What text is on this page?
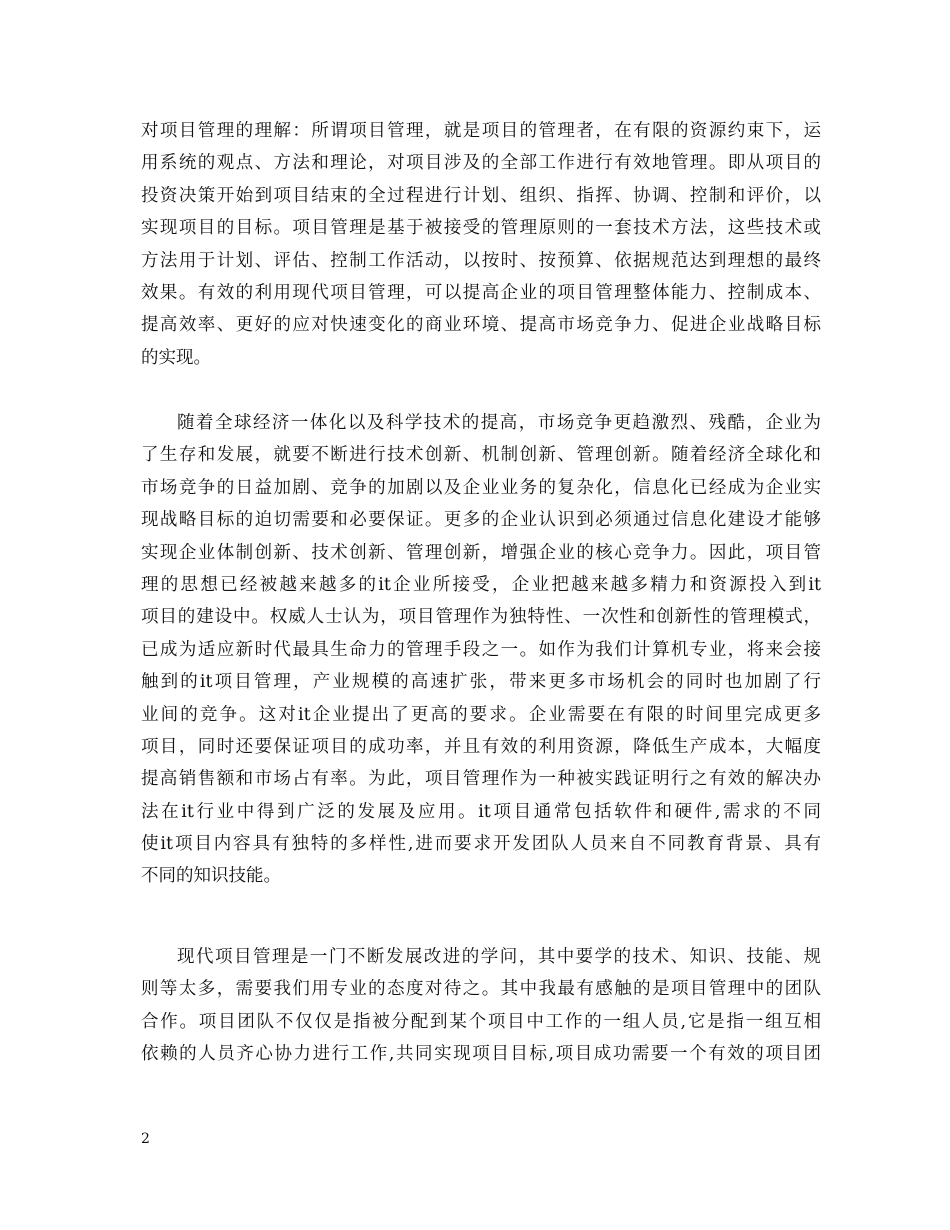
对项目管理的理解：所谓项目管理，就是项目的管理者，在有限的资源约束下，运
用系统的观点、方法和理论，对项目涉及的全部工作进行有效地管理。即从项目的
投资决策开始到项目结束的全过程进行计划、组织、指挥、协调、控制和评价，以
实现项目的目标。项目管理是基于被接受的管理原则的一套技术方法，这些技术或
方法用于计划、评估、控制工作活动，以按时、按预算、依据规范达到理想的最终
效果。有效的利用现代项目管理，可以提高企业的项目管理整体能力、控制成本、
提高效率、更好的应对快速变化的商业环境、提高市场竞争力、促进企业战略目标
的实现。
随着全球经济一体化以及科学技术的提高，市场竞争更趋激烈、残酷，企业为
了生存和发展，就要不断进行技术创新、机制创新、管理创新。随着经济全球化和
市场竞争的日益加剧、竞争的加剧以及企业业务的复杂化，信息化已经成为企业实
现战略目标的迫切需要和必要保证。更多的企业认识到必须通过信息化建设才能够
实现企业体制创新、技术创新、管理创新，增强企业的核心竞争力。因此，项目管
理的思想已经被越来越多的it企业所接受，企业把越来越多精力和资源投入到it
项目的建设中。权威人士认为，项目管理作为独特性、一次性和创新性的管理模式，
已成为适应新时代最具生命力的管理手段之一。如作为我们计算机专业，将来会接
触到的it项目管理，产业规模的高速扩张，带来更多市场机会的同时也加剧了行
业间的竞争。这对it企业提出了更高的要求。企业需要在有限的时间里完成更多
项目，同时还要保证项目的成功率，并且有效的利用资源，降低生产成本，大幅度
提高销售额和市场占有率。为此，项目管理作为一种被实践证明行之有效的解决办
法在it行业中得到广泛的发展及应用。it项目通常包括软件和硬件,需求的不同
使it项目内容具有独特的多样性,进而要求开发团队人员来自不同教育背景、具有
不同的知识技能。
现代项目管理是一门不断发展改进的学问，其中要学的技术、知识、技能、规
则等太多，需要我们用专业的态度对待之。其中我最有感触的是项目管理中的团队
合作。项目团队不仅仅是指被分配到某个项目中工作的一组人员,它是指一组互相
依赖的人员齐心协力进行工作,共同实现项目目标,项目成功需要一个有效的项目团
2
